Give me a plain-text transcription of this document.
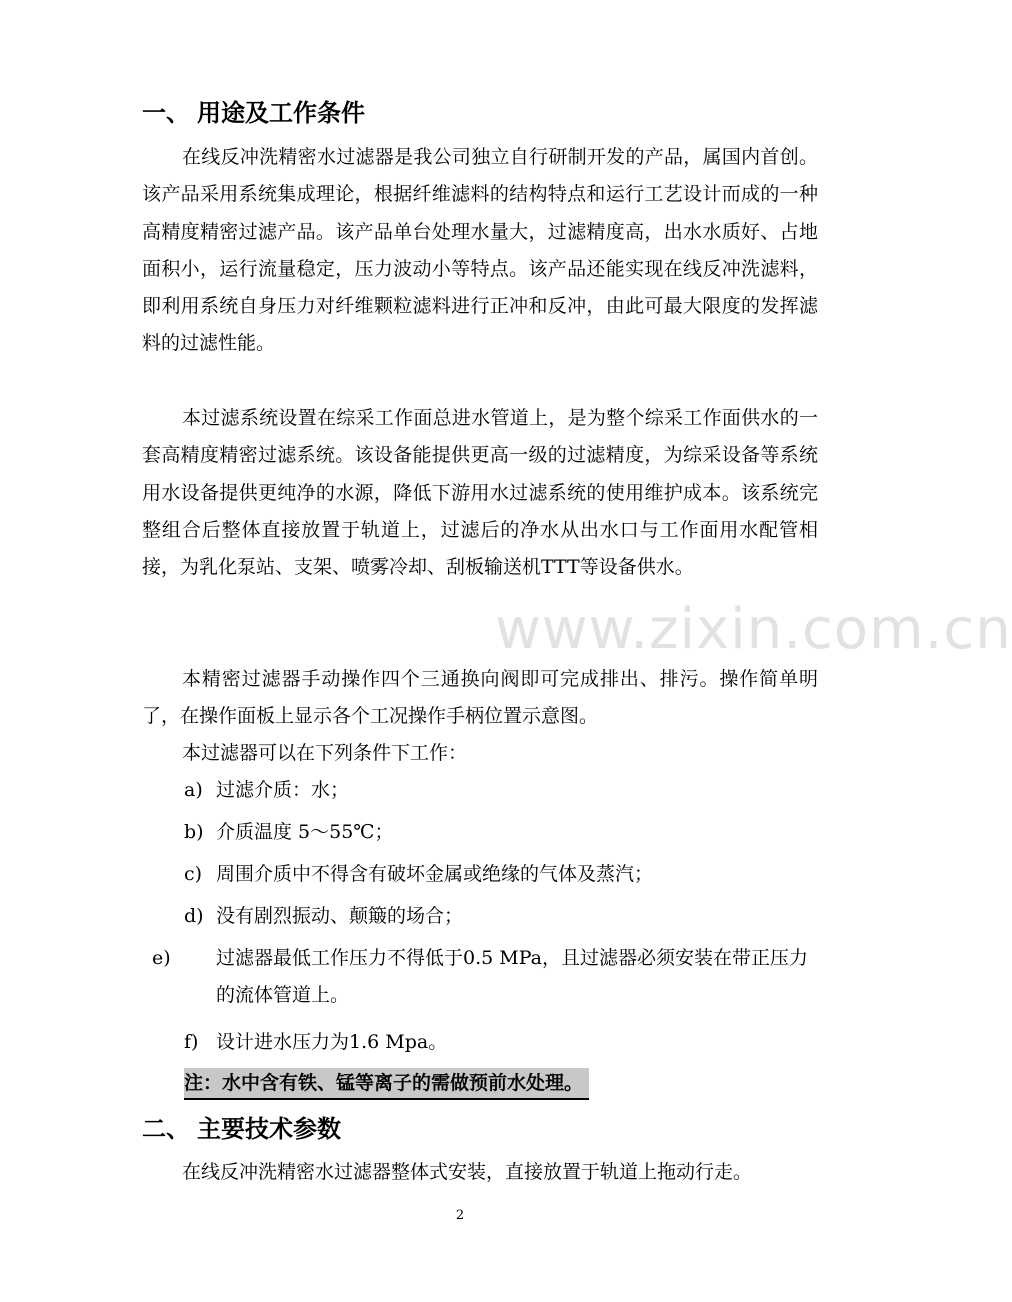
www.zixin.com.cn
一、 用途及工作条件

在线反冲洗精密水过滤器是我公司独立自行研制开发的产品，属国内首创。该产品采用系统集成理论，根据纤维滤料的结构特点和运行工艺设计而成的一种高精度精密过滤产品。该产品单台处理水量大，过滤精度高，出水水质好、占地面积小，运行流量稳定，压力波动小等特点。该产品还能实现在线反冲洗滤料，即利用系统自身压力对纤维颗粒滤料进行正冲和反冲，由此可最大限度的发挥滤料的过滤性能。

本过滤系统设置在综采工作面总进水管道上，是为整个综采工作面供水的一套高精度精密过滤系统。该设备能提供更高一级的过滤精度，为综采设备等系统用水设备提供更纯净的水源，降低下游用水过滤系统的使用维护成本。该系统完整组合后整体直接放置于轨道上，过滤后的净水从出水口与工作面用水配管相接，为乳化泵站、支架、喷雾冷却、刮板输送机TTT等设备供水。

本精密过滤器手动操作四个三通换向阀即可完成排出、排污。操作简单明了，在操作面板上显示各个工况操作手柄位置示意图。

本过滤器可以在下列条件下工作：

a) 过滤介质：水；

b) 介质温度 5～55℃；

c) 周围介质中不得含有破坏金属或绝缘的气体及蒸汽；

d) 没有剧烈振动、颠簸的场合；

e) 过滤器最低工作压力不得低于0.5 MPa，且过滤器必须安装在带正压力的流体管道上。

f) 设计进水压力为1.6 Mpa。

注：水中含有铁、锰等离子的需做预前水处理。
二、 主要技术参数

在线反冲洗精密水过滤器整体式安装，直接放置于轨道上拖动行走。

2
